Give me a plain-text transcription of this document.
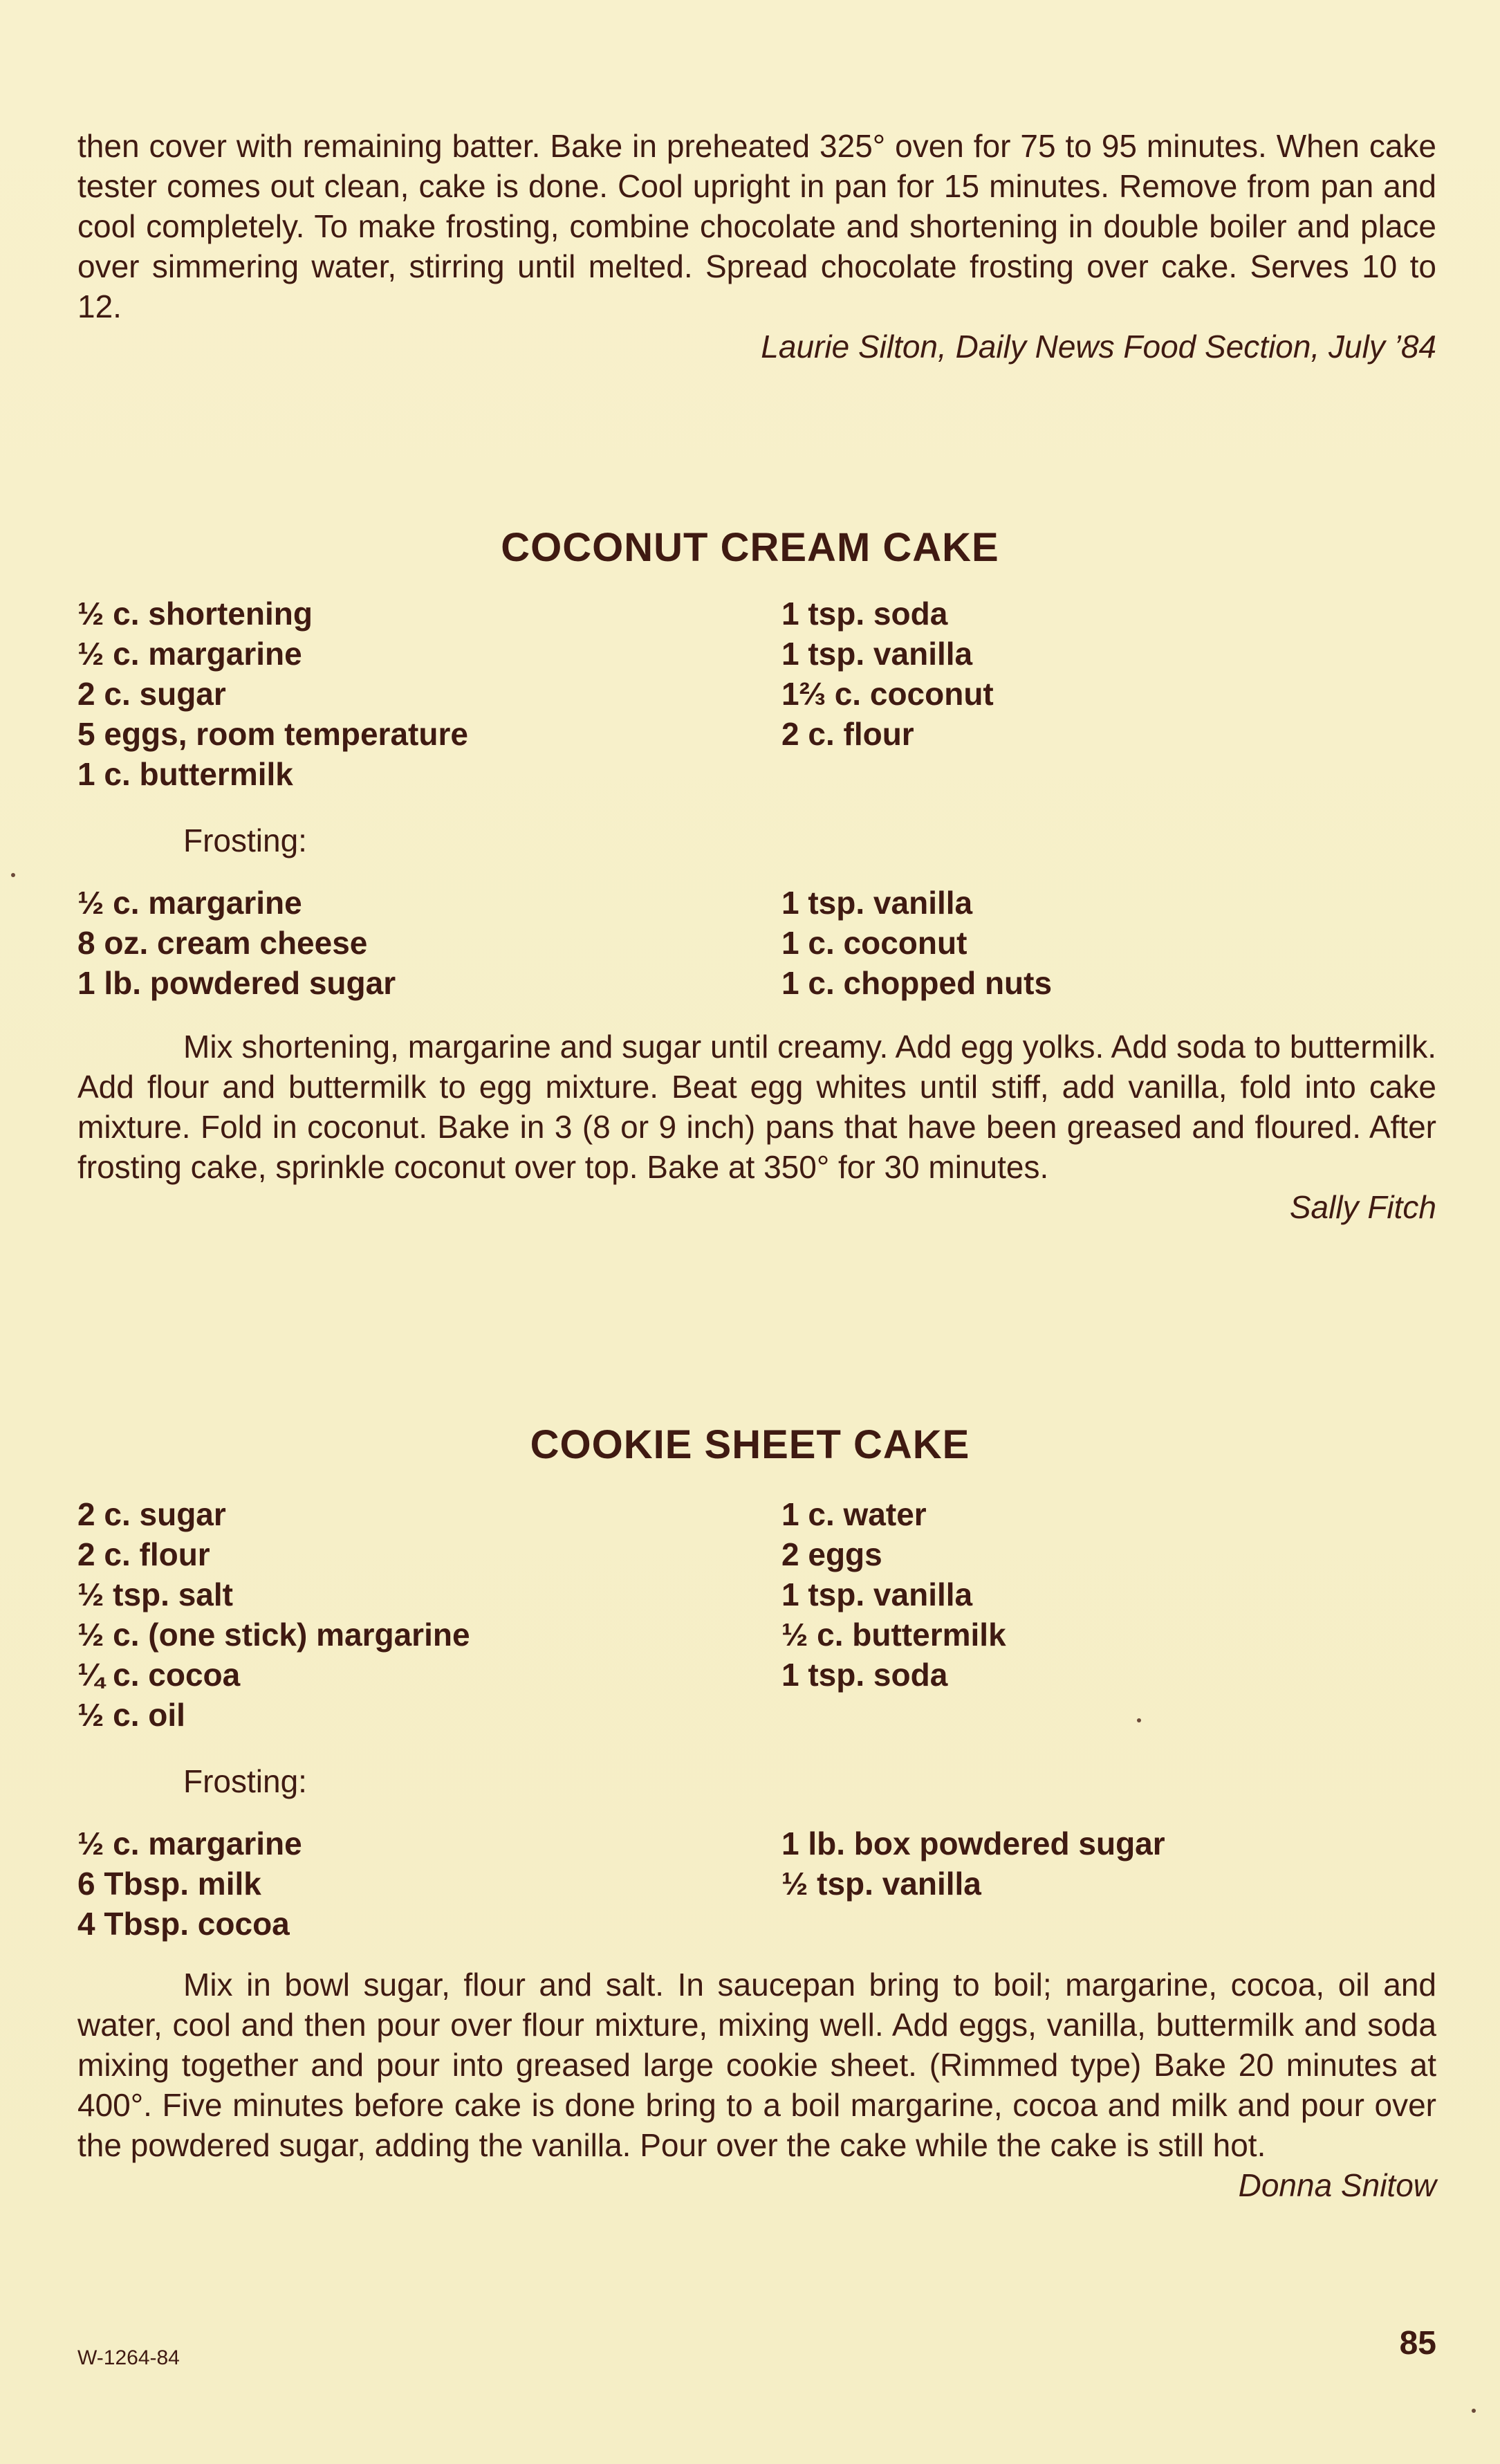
then cover with remaining batter. Bake in preheated 325° oven for 75 to 95 minutes. When cake tester comes out clean, cake is done. Cool upright in pan for 15 minutes. Remove from pan and cool completely. To make frosting, combine chocolate and shortening in double boiler and place over simmering water, stirring until melted. Spread chocolate frosting over cake. Serves 10 to 12.

Laurie Silton, Daily News Food Section, July ’84

COCONUT CREAM CAKE

½ c. shortening

½ c. margarine

2 c. sugar

5 eggs, room temperature

1 c. buttermilk

1 tsp. soda

1 tsp. vanilla

1⅔ c. coconut

2 c. flour

Frosting:

½ c. margarine

8 oz. cream cheese

1 lb. powdered sugar

1 tsp. vanilla

1 c. coconut

1 c. chopped nuts

Mix shortening, margarine and sugar until creamy. Add egg yolks. Add soda to buttermilk. Add flour and buttermilk to egg mixture. Beat egg whites until stiff, add vanilla, fold into cake mixture. Fold in coconut. Bake in 3 (8 or 9 inch) pans that have been greased and floured. After frosting cake, sprinkle coconut over top. Bake at 350° for 30 minutes.

Sally Fitch

COOKIE SHEET CAKE

2 c. sugar

2 c. flour

½ tsp. salt

½ c. (one stick) margarine

¼ c. cocoa

½ c. oil

1 c. water

2 eggs

1 tsp. vanilla

½ c. buttermilk

1 tsp. soda

Frosting:

½ c. margarine

6 Tbsp. milk

4 Tbsp. cocoa

1 lb. box powdered sugar

½ tsp. vanilla

Mix in bowl sugar, flour and salt. In saucepan bring to boil; margarine, cocoa, oil and water, cool and then pour over flour mixture, mixing well. Add eggs, vanilla, buttermilk and soda mixing together and pour into greased large cookie sheet. (Rimmed type) Bake 20 minutes at 400°. Five minutes before cake is done bring to a boil margarine, cocoa and milk and pour over the powdered sugar, adding the vanilla. Pour over the cake while the cake is still hot.

Donna Snitow

W-1264-84	85
